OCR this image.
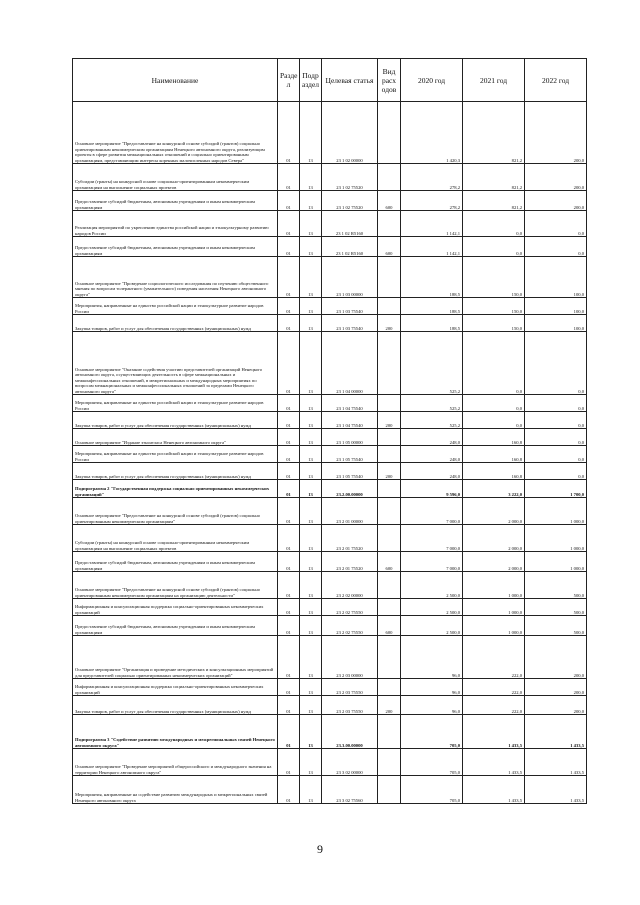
Наименование	Разде л	Подр аздел	Целевая статья	Вид расх одов	2020 год	2021 год	2022 год
Основное мероприятие "Предоставление на конкурсной основе субсидий (грантов) социально ориентированным некоммерческим организациям Ненецкого автономного округа, реализующим проекты в сфере развития межнациональных отношений и социально ориентированным организациям, представляющим интересы коренных малочисленных народов Севера"	01	13	23 1 02 00000		1 420,3	821,2	200,0
Субсидии (гранты) на конкурсной основе социально-ориентированным некоммерческим организациям на выполнение социальных проектов	01	13	23 1 02 75520		278,2	821,2	200,0
Предоставление субсидий бюджетным, автономным учреждениям и иным некоммерческим организациям	01	13	23 1 02 75520	600	278,2	821,2	200,0
Реализация мероприятий по укреплению единства российской нации и этнокультурному развитию народов России	01	13	23 1 02 R5160		1 142,1	0,0	0,0
Предоставление субсидий бюджетным, автономным учреждениям и иным некоммерческим организациям	01	13	23 1 02 R5160	600	1 142,1	0,0	0,0
Основное мероприятие "Проведение социологического исследования по изучению общественного мнения по вопросам толерантного (уважительного) поведения населения Ненецкого автономного округа"	01	13	23 1 03 00000		188,5	150,0	100,0
Мероприятия, направленные на единство российской нации и этнокультурное развитие народов России	01	13	23 1 03 75540		188,5	150,0	100,0
Закупка товаров, работ и услуг для обеспечения государственных (муниципальных) нужд	01	13	23 1 03 75540	200	188,5	150,0	100,0
Основное мероприятие "Оказание содействия участию представителей организаций Ненецкого автономного округа, осуществляющих деятельность в сфере межнациональных и межконфессиональных отношений, в межрегиональных и международных мероприятиях по вопросам межнациональных и межконфессиональных отношений за пределами Ненецкого автономного округа"	01	13	23 1 04 00000		525,2	0,0	0,0
Мероприятия, направленные на единство российской нации и этнокультурное развитие народов России	01	13	23 1 04 75540		525,2	0,0	0,0
Закупка товаров, работ и услуг для обеспечения государственных (муниципальных) нужд	01	13	23 1 04 75540	200	525,2	0,0	0,0
Основное мероприятие "Издание этноатласа Ненецкого автономного округа"	01	13	23 1 05 00000		248,0	160,8	0,0
Мероприятия, направленные на единство российской нации и этнокультурное развитие народов России	01	13	23 1 05 75540		248,0	160,8	0,0
Закупка товаров, работ и услуг для обеспечения государственных (муниципальных) нужд	01	13	23 1 05 75540	200	248,0	160,8	0,0
Подпрограмма 2 "Государственная поддержка социально ориентированных некоммерческих организаций"	01	13	23.2.00.00000		9 596,0	3 222,0	1 700,0
Основное мероприятие "Предоставление на конкурсной основе субсидий (грантов) социально ориентированным некоммерческим организациям"	01	13	23 2 01 00000		7 000,0	2 000,0	1 000,0
Субсидии (гранты) на конкурсной основе социально-ориентированным некоммерческим организациям на выполнение социальных проектов	01	13	23 2 01 75520		7 000,0	2 000,0	1 000,0
Предоставление субсидий бюджетным, автономным учреждениям и иным некоммерческим организациям	01	13	23 2 01 75520	600	7 000,0	2 000,0	1 000,0
Основное мероприятие "Предоставление на конкурсной основе субсидий (грантов) социально ориентированным некоммерческим организациям на организацию деятельности"	01	13	23 2 02 00000		2 500,0	1 000,0	500,0
Информационная и консультационная поддержка социально-ориентированных некоммерческих организаций	01	13	23 2 02 75550		2 500,0	1 000,0	500,0
Предоставление субсидий бюджетным, автономным учреждениям и иным некоммерческим организациям	01	13	23 2 02 75550	600	2 500,0	1 000,0	500,0
Основное мероприятие "Организация и проведение методических и консультационных мероприятий для представителей социально ориентированных некоммерческих организаций"	01	13	23 2 03 00000		96,0	222,0	200,0
Информационная и консультационная поддержка социально-ориентированных некоммерческих организаций	01	13	23 2 03 75550		96,0	222,0	200,0
Закупка товаров, работ и услуг для обеспечения государственных (муниципальных) нужд	01	13	23 2 03 75550	200	96,0	222,0	200,0
Подпрограмма 3 "Содействие развитию международных и межрегиональных связей Ненецкого автономного округа"	01	13	23.3.00.00000		705,0	1 433,5	1 433,5
Основное мероприятие "Проведение мероприятий общероссийского и международного значения на территории Ненецкого автономного округа"	01	13	23 3 02 00000		705,0	1 433,5	1 433,5
Мероприятия, направленные на содействие развитию международных и межрегиональных связей Ненецкого автономного округа	01	13	23 3 02 75560		705,0	1 433,5	1 433,5
9
